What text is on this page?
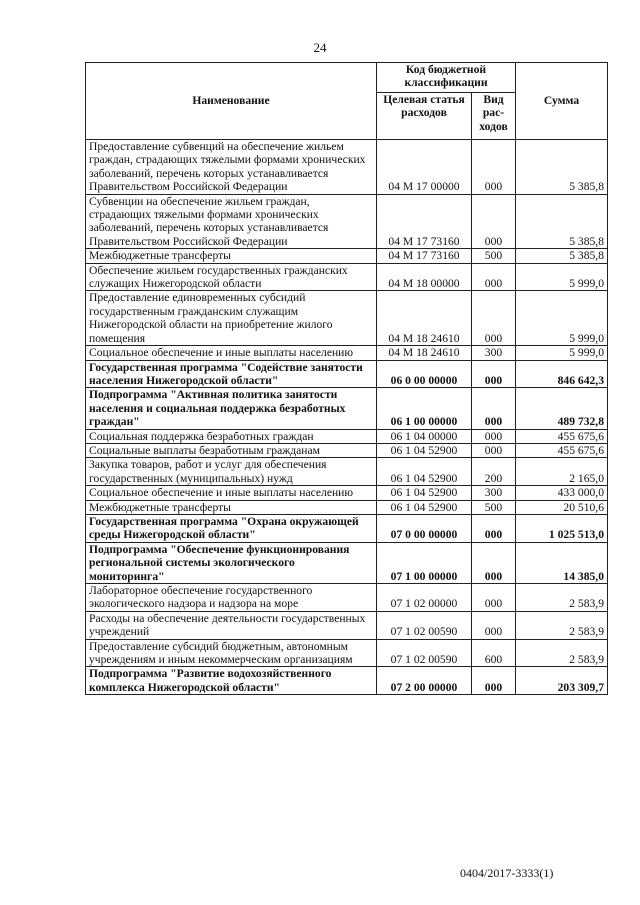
24
Наименование	Код бюджетной классификации		Сумма
	Целевая статья расходов	Вид рас-ходов	
Предоставление субвенций на обеспечение жильем граждан, страдающих тяжелыми формами хронических заболеваний, перечень которых устанавливается Правительством Российской Федерации	04 М 17 00000	000	5 385,8
Субвенции на обеспечение жильем граждан, страдающих тяжелыми формами хронических заболеваний, перечень которых устанавливается Правительством Российской Федерации	04 М 17 73160	000	5 385,8
Межбюджетные трансферты	04 М 17 73160	500	5 385,8
Обеспечение жильем государственных гражданских служащих Нижегородской области	04 М 18 00000	000	5 999,0
Предоставление единовременных субсидий государственным гражданским служащим Нижегородской области на приобретение жилого помещения	04 М 18 24610	000	5 999,0
Социальное обеспечение и иные выплаты населению	04 М 18 24610	300	5 999,0
Государственная программа "Содействие занятости населения Нижегородской области"	06 0 00 00000	000	846 642,3
Подпрограмма "Активная политика занятости населения и социальная поддержка безработных граждан"	06 1 00 00000	000	489 732,8
Социальная поддержка безработных граждан	06 1 04 00000	000	455 675,6
Социальные выплаты безработным гражданам	06 1 04 52900	000	455 675,6
Закупка товаров, работ и услуг для обеспечения государственных (муниципальных) нужд	06 1 04 52900	200	2 165,0
Социальное обеспечение и иные выплаты населению	06 1 04 52900	300	433 000,0
Межбюджетные трансферты	06 1 04 52900	500	20 510,6
Государственная программа "Охрана окружающей среды Нижегородской области"	07 0 00 00000	000	1 025 513,0
Подпрограмма "Обеспечение функционирования региональной системы экологического мониторинга"	07 1 00 00000	000	14 385,0
Лабораторное обеспечение государственного экологического надзора и надзора на море	07 1 02 00000	000	2 583,9
Расходы на обеспечение деятельности государственных учреждений	07 1 02 00590	000	2 583,9
Предоставление субсидий бюджетным, автономным учреждениям и иным некоммерческим организациям	07 1 02 00590	600	2 583,9
Подпрограмма "Развитие водохозяйственного комплекса Нижегородской области"	07 2 00 00000	000	203 309,7
0404/2017-3333(1)
